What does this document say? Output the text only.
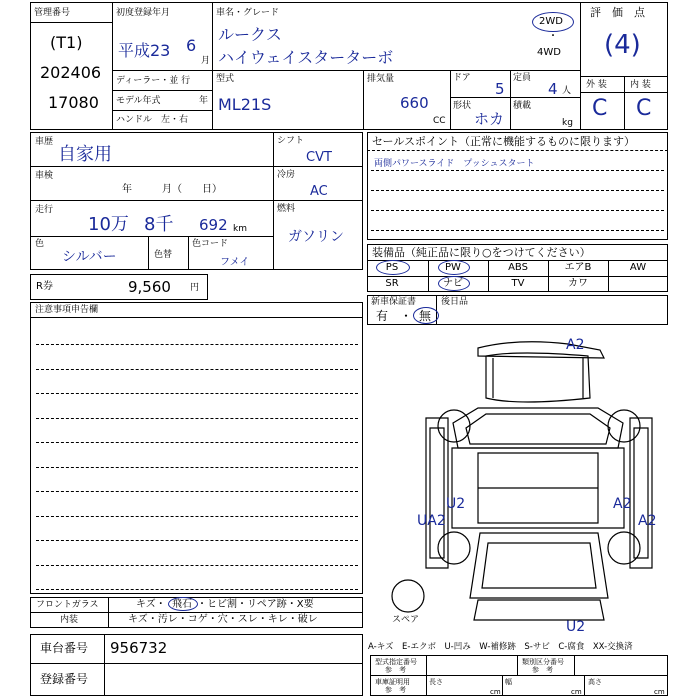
管理番号
(T1)
202406
17080
初度登録年月
平成23 6
月
ディーラー・並 行
モデル年式	年
ハンドル　左・右
車名・グレード
ルークス
ハイウェイスターターボ
2WD
・
4WD
型式
ML21S
排気量
660
CC
ドア
5
定員
4 人
形状
ホカ
積載
kg
評　価　点
(4)
外 装	内 装
C C
車歴
自家用
車検
年　　　月（　　日）
走行
10万 8千 692 km
色
シルバー	色替
色コード
フメイ
シフト
CVT
冷房
AC
燃料
ガソリン
R券	9,560 円
セールスポイント（正常に機能するものに限ります）
両側パワースライド　プッシュスタート
装備品（純正品に限り○をつけてください）
PS	PW	ABS	エアB	AW
SR	ナビ	TV	カワ
新車保証書
有　・ 無
後日品
注意事項申告欄
フロントガラス	キズ・ 飛石 ・ヒビ割・リペア跡・X要
内装	キズ・汚レ・コゲ・穴・スレ・キレ・破レ
車台番号 956732
登録番号
A2
A2
U2
UA2	A2
U2
スペア
A-キズ　E-エクボ　U-凹み　W-補修跡　S-サビ　C-腐食　XX-交換済
型式指定番号
参　考
類別区分番号
参　考
車庫証明用
参　考
長さ
cm
幅
cm
高さ
cm
